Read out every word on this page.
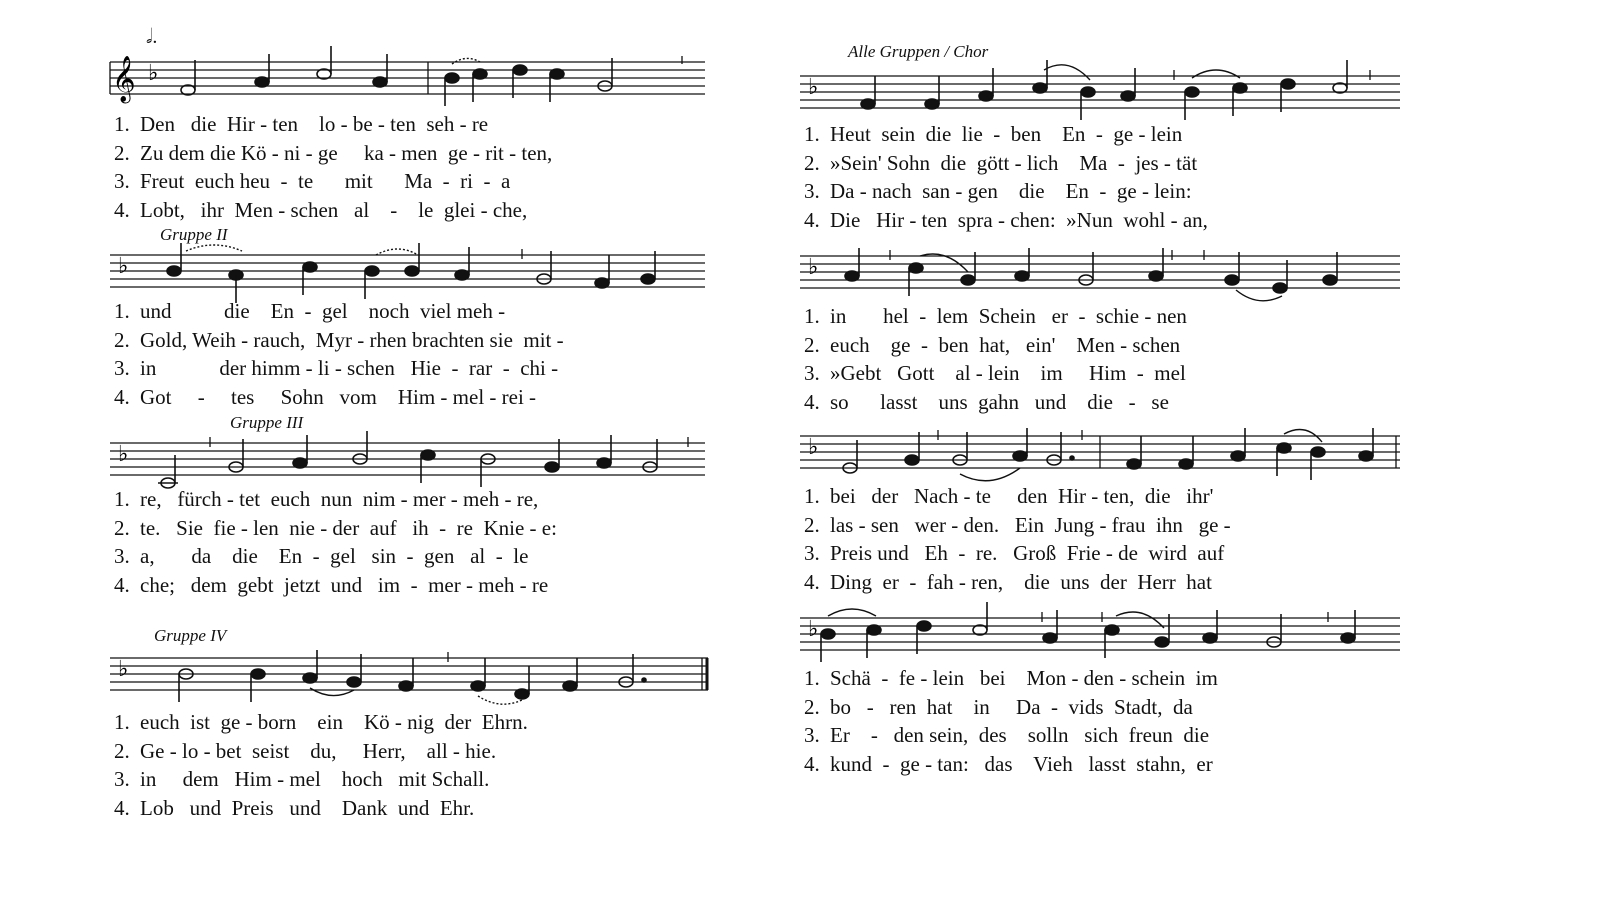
𝅗𝅥.
𝄞 ♭
1. Den   die  Hir - ten    lo - be - ten  seh - re
2. Zu dem die Kö - ni - ge     ka - men  ge - rit - ten,
3. Freut  euch heu  -  te      mit      Ma  -  ri  -  a
4. Lobt,   ihr  Men - schen   al    -    le  glei - che,
Gruppe II
♭
1. und          die    En  -  gel    noch  viel meh -
2. Gold, Weih - rauch,  Myr - rhen brachten sie  mit -
3. in            der himm - li - schen   Hie  -  rar  -  chi -
4. Got     -     tes     Sohn   vom    Him - mel - rei -
Gruppe III
♭
1. re,   fürch - tet  euch  nun  nim - mer - meh - re,
2. te.   Sie  fie - len  nie - der  auf   ih  -  re  Knie - e:
3. a,       da    die    En  -  gel   sin  -  gen   al  -  le
4. che;   dem  gebt  jetzt  und   im  -  mer - meh - re
Gruppe IV
♭
1. euch  ist  ge - born    ein    Kö - nig  der  Ehrn.
2. Ge - lo - bet  seist    du,     Herr,    all - hie.
3. in     dem   Him - mel    hoch   mit Schall.
4. Lob   und  Preis   und    Dank  und  Ehr.
Alle Gruppen / Chor
♭
1. Heut  sein  die  lie  -  ben    En  -  ge - lein
2. »Sein' Sohn  die  gött - lich    Ma  -  jes - tät
3. Da - nach  san - gen    die    En  -  ge - lein:
4. Die   Hir - ten  spra - chen:  »Nun  wohl - an,
♭
1. in       hel  -  lem  Schein   er  -  schie - nen
2. euch    ge  -  ben  hat,   ein'    Men - schen
3. »Gebt   Gott    al - lein    im     Him  -  mel
4. so      lasst    uns  gahn   und    die   -   se
♭
1. bei   der   Nach - te     den  Hir - ten,  die   ihr'
2. las - sen   wer - den.   Ein  Jung - frau  ihn   ge -
3. Preis und   Eh  -  re.   Groß  Frie - de  wird  auf
4. Ding  er  -  fah - ren,    die  uns  der  Herr  hat
♭
1. Schä  -  fe - lein   bei    Mon - den - schein  im
2. bo   -   ren  hat    in     Da  -  vids  Stadt,  da
3. Er    -   den sein,  des    solln   sich  freun  die
4. kund  -  ge - tan:   das    Vieh   lasst  stahn,  er
